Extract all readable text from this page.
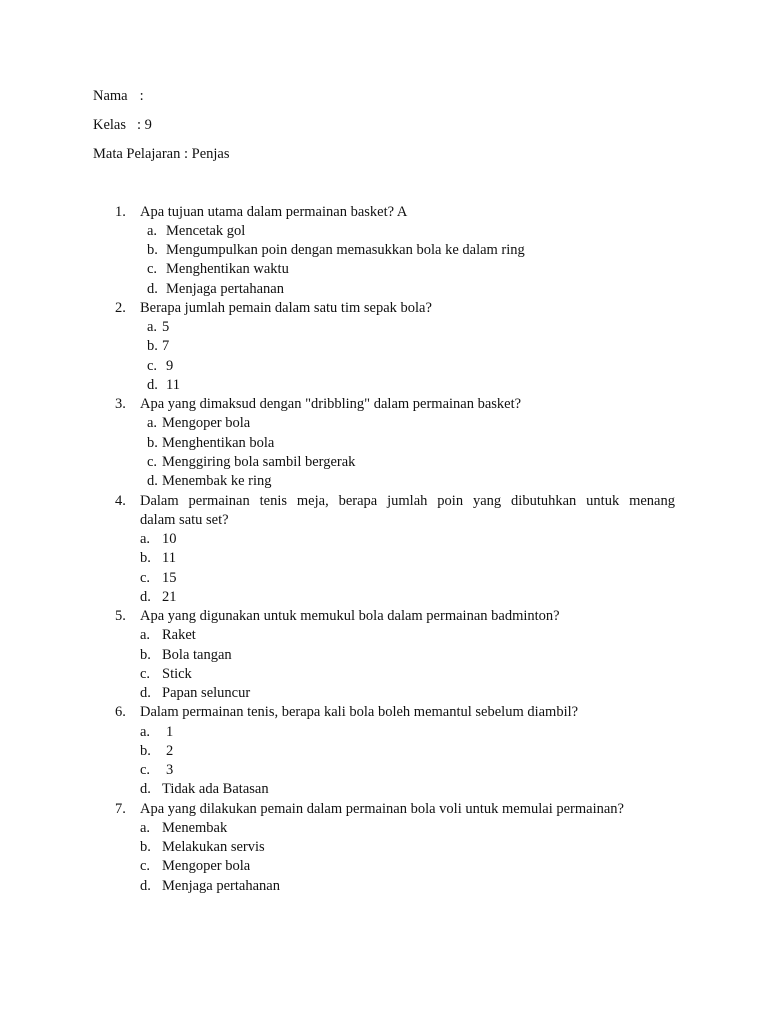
Nama :
Kelas : 9
Mata Pelajaran : Penjas
1. Apa tujuan utama dalam permainan basket? A
a. Mencetak gol
b. Mengumpulkan poin dengan memasukkan bola ke dalam ring
c. Menghentikan waktu
d. Menjaga pertahanan
2. Berapa jumlah pemain dalam satu tim sepak bola?
a. 5
b. 7
c. 9
d. 11
3. Apa yang dimaksud dengan "dribbling" dalam permainan basket?
a. Mengoper bola
b. Menghentikan bola
c. Menggiring bola sambil bergerak
d. Menembak ke ring
4. Dalam permainan tenis meja, berapa jumlah poin yang dibutuhkan untuk menang
dalam satu set?
a. 10
b. 11
c. 15
d. 21
5. Apa yang digunakan untuk memukul bola dalam permainan badminton?
a. Raket
b. Bola tangan
c. Stick
d. Papan seluncur
6. Dalam permainan tenis, berapa kali bola boleh memantul sebelum diambil?
a. 1
b. 2
c. 3
d. Tidak ada Batasan
7. Apa yang dilakukan pemain dalam permainan bola voli untuk memulai permainan?
a. Menembak
b. Melakukan servis
c. Mengoper bola
d. Menjaga pertahanan
